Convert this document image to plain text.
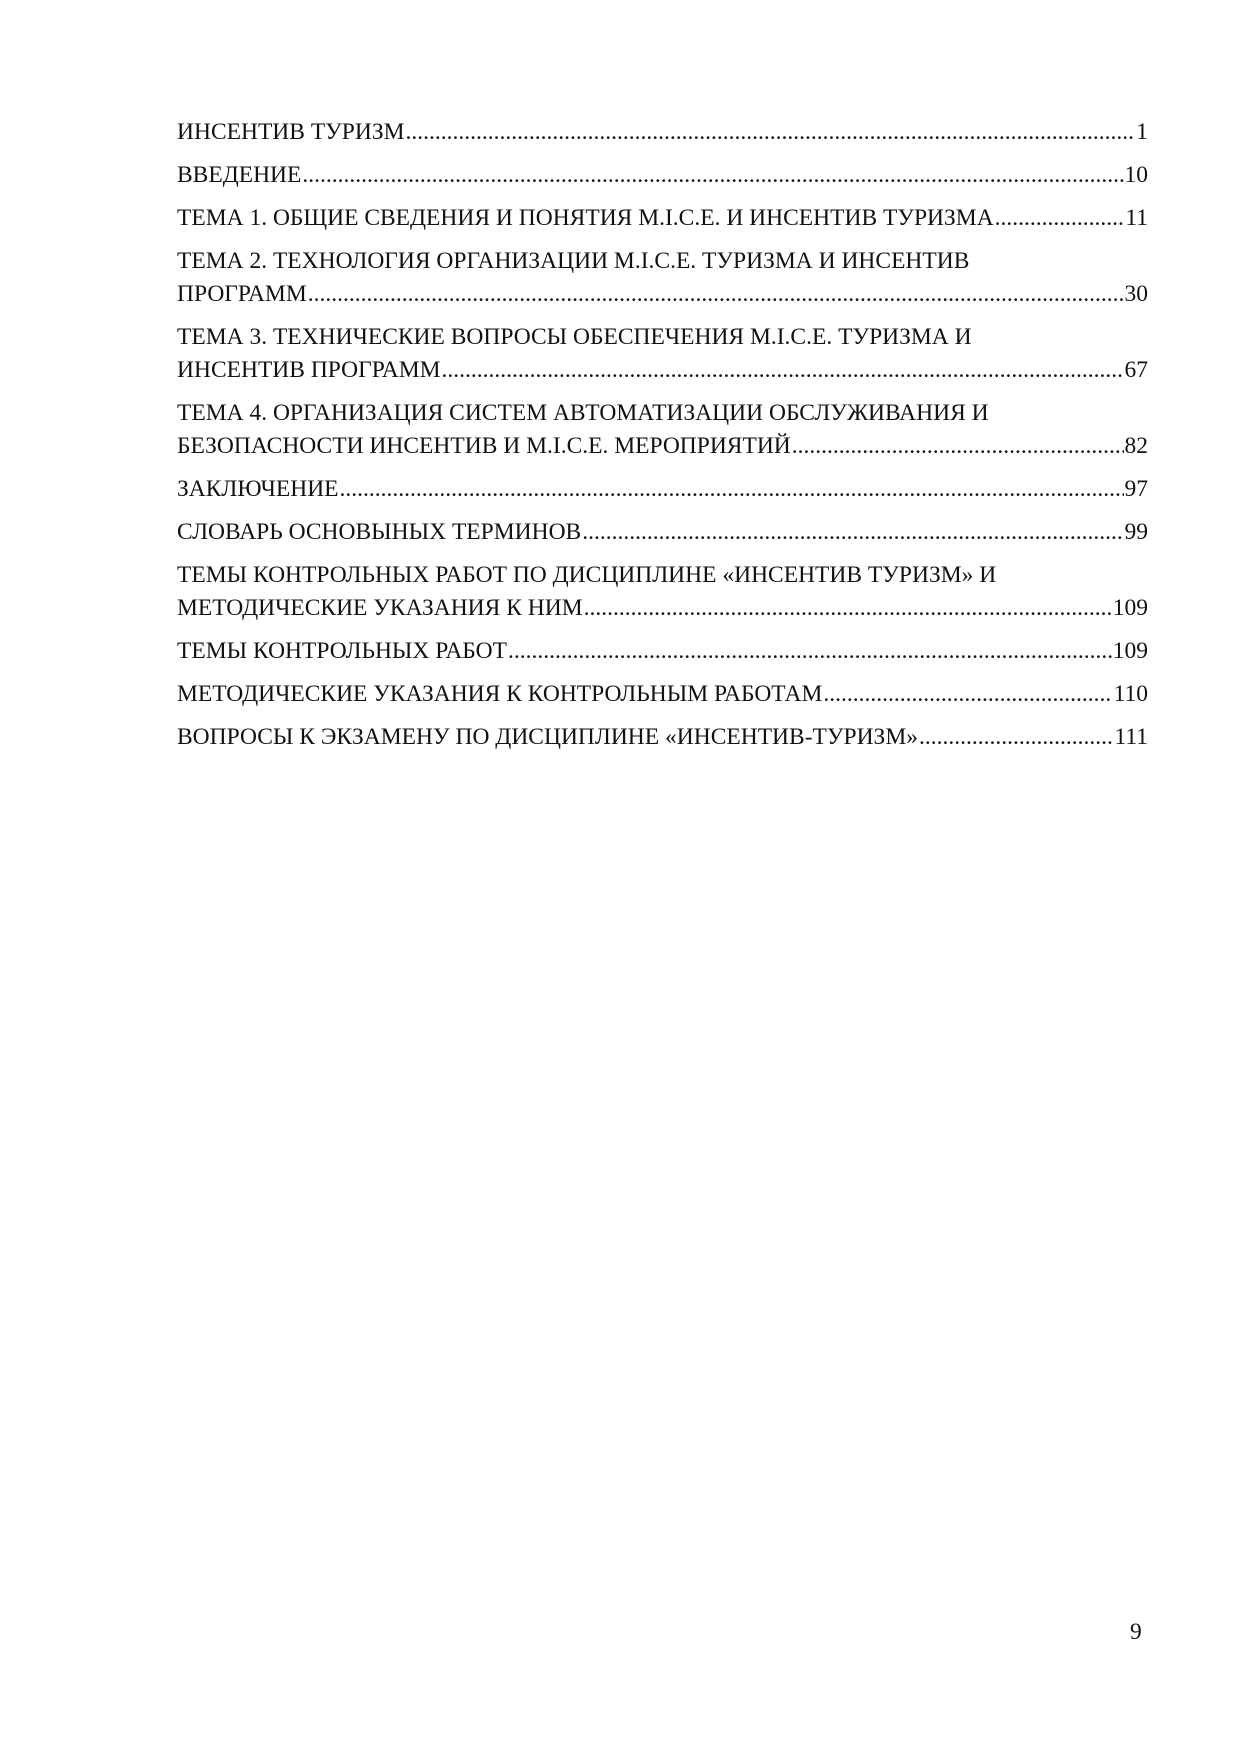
ИНСЕНТИВ ТУРИЗМ .....	1
ВВЕДЕНИЕ .....	10
ТЕМА 1. ОБЩИЕ СВЕДЕНИЯ И ПОНЯТИЯ M.I.C.E. И ИНСЕНТИВ ТУРИЗМА .....	11
ТЕМА 2. ТЕХНОЛОГИЯ ОРГАНИЗАЦИИ M.I.C.E. ТУРИЗМА И ИНСЕНТИВ
ПРОГРАММ .....	30
ТЕМА 3. ТЕХНИЧЕСКИЕ ВОПРОСЫ ОБЕСПЕЧЕНИЯ M.I.C.E. ТУРИЗМА И
ИНСЕНТИВ ПРОГРАММ .....	67
ТЕМА 4. ОРГАНИЗАЦИЯ СИСТЕМ АВТОМАТИЗАЦИИ ОБСЛУЖИВАНИЯ И
БЕЗОПАСНОСТИ ИНСЕНТИВ И M.I.C.E. МЕРОПРИЯТИЙ .....	82
ЗАКЛЮЧЕНИЕ .....	97
СЛОВАРЬ ОСНОВЫНЫХ ТЕРМИНОВ .....	99
ТЕМЫ КОНТРОЛЬНЫХ РАБОТ ПО ДИСЦИПЛИНЕ «ИНСЕНТИВ ТУРИЗМ» И
МЕТОДИЧЕСКИЕ УКАЗАНИЯ К НИМ .....	109
ТЕМЫ КОНТРОЛЬНЫХ РАБОТ .....	109
МЕТОДИЧЕСКИЕ УКАЗАНИЯ К КОНТРОЛЬНЫМ РАБОТАМ .....	110
ВОПРОСЫ К ЭКЗАМЕНУ ПО ДИСЦИПЛИНЕ «ИНСЕНТИВ-ТУРИЗМ» .....	111
9
